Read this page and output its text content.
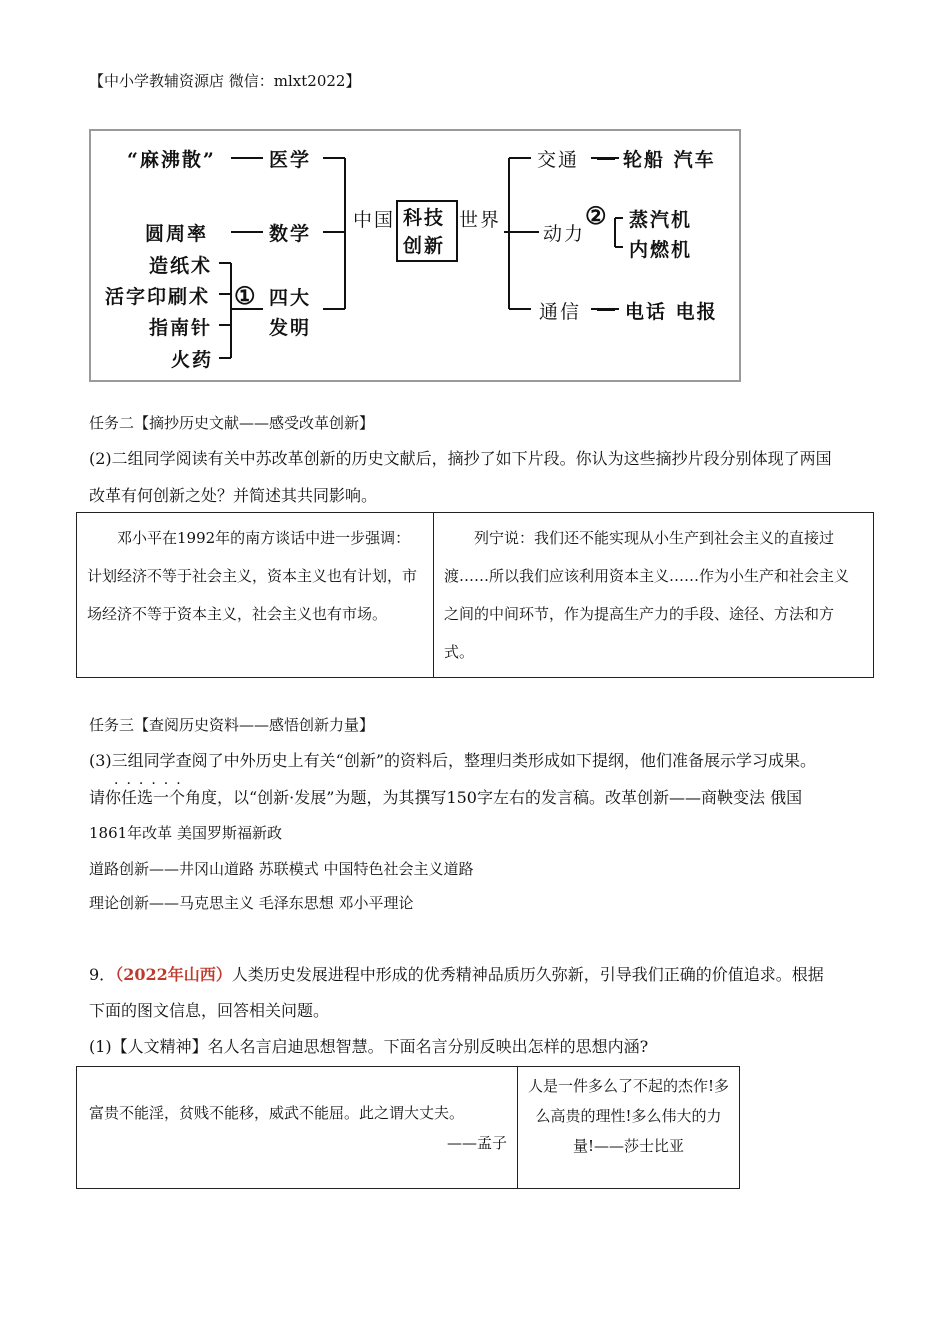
【中小学教辅资源店 微信：mlxt2022】
“麻沸散”	医学
圆周率	数学
造纸术
活字印刷术
指南针
火药
① 四大
发明
中国 科技
创新
世界
交通 轮船 汽车
动力
② 蒸汽机
内燃机
通信 电话 电报
任务二【摘抄历史文献——感受改革创新】
(2)二组同学阅读有关中苏改革创新的历史文献后，摘抄了如下片段。你认为这些摘抄片段分别体现了两国
改革有何创新之处？并简述其共同影响。
　　邓小平在1992年的南方谈话中进一步强调：计划经济不等于社会主义，资本主义也有计划，市场经济不等于资本主义，社会主义也有市场。	　　列宁说：我们还不能实现从小生产到社会主义的直接过渡……所以我们应该利用资本主义……作为小生产和社会主义之间的中间环节，作为提高生产力的手段、途径、方法和方式。
任务三【查阅历史资料——感悟创新力量】
(3)三组同学查阅了中外历史上有关“创新”的资料后，整理归类形成如下提纲，他们准备展示学习成果。
······
请你任选一个角度，以“创新·发展”为题，为其撰写150字左右的发言稿。改革创新——商鞅变法 俄国
1861年改革 美国罗斯福新政
道路创新——井冈山道路 苏联模式 中国特色社会主义道路
理论创新——马克思主义 毛泽东思想 邓小平理论
9．（2022年山西）人类历史发展进程中形成的优秀精神品质历久弥新，引导我们正确的价值追求。根据
下面的图文信息，回答相关问题。
(1)【人文精神】名人名言启迪思想智慧。下面名言分别反映出怎样的思想内涵?
富贵不能淫，贫贱不能移，威武不能屈。此之谓大丈夫。
——孟子
	人是一件多么了不起的杰作!多么高贵的理性!多么伟大的力量!——莎士比亚
